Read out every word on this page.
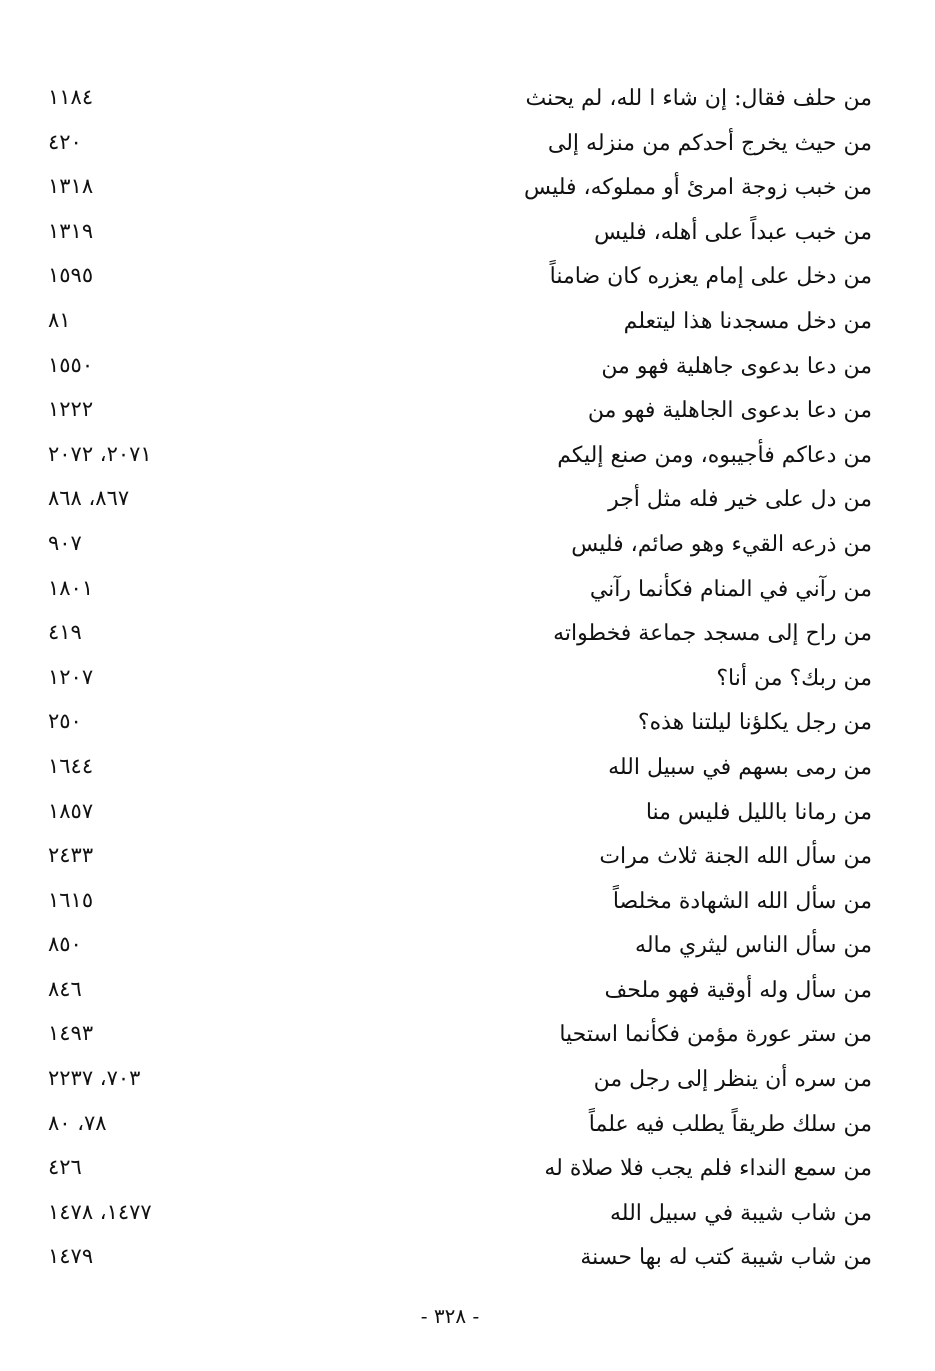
من حلف فقال: إن شاء ا لله، لم يحنث
١١٨٤
من حيث يخرج أحدكم من منزله إلى
٤٢٠
من خبب زوجة امرئ أو مملوكه، فليس
١٣١٨
من خبب عبداً على أهله، فليس
١٣١٩
من دخل على إمام يعزره كان ضامناً
١٥٩٥
من دخل مسجدنا هذا ليتعلم
٨١
من دعا بدعوى جاهلية فهو من
١٥٥٠
من دعا بدعوى الجاهلية فهو من
١٢٢٢
من دعاكم فأجيبوه، ومن صنع إليكم
٢٠٧١، ٢٠٧٢
من دل على خير فله مثل أجر
٨٦٧، ٨٦٨
من ذرعه القيء وهو صائم، فليس
٩٠٧
من رآني في المنام فكأنما رآني
١٨٠١
من راح إلى مسجد جماعة فخطواته
٤١٩
من ربك؟ من أنا؟
١٢٠٧
من رجل يكلؤنا ليلتنا هذه؟
٢٥٠
من رمى بسهم في سبيل الله
١٦٤٤
من رمانا بالليل فليس منا
١٨٥٧
من سأل الله الجنة ثلاث مرات
٢٤٣٣
من سأل الله الشهادة مخلصاً
١٦١٥
من سأل الناس ليثري ماله
٨٥٠
من سأل وله أوقية فهو ملحف
٨٤٦
من ستر عورة مؤمن فكأنما استحيا
١٤٩٣
من سره أن ينظر إلى رجل من
٧٠٣، ٢٢٣٧
من سلك طريقاً يطلب فيه علماً
٧٨، ٨٠
من سمع النداء فلم يجب فلا صلاة له
٤٢٦
من شاب شيبة في سبيل الله
١٤٧٧، ١٤٧٨
من شاب شيبة كتب له بها حسنة
١٤٧٩
- ٣٢٨ -
